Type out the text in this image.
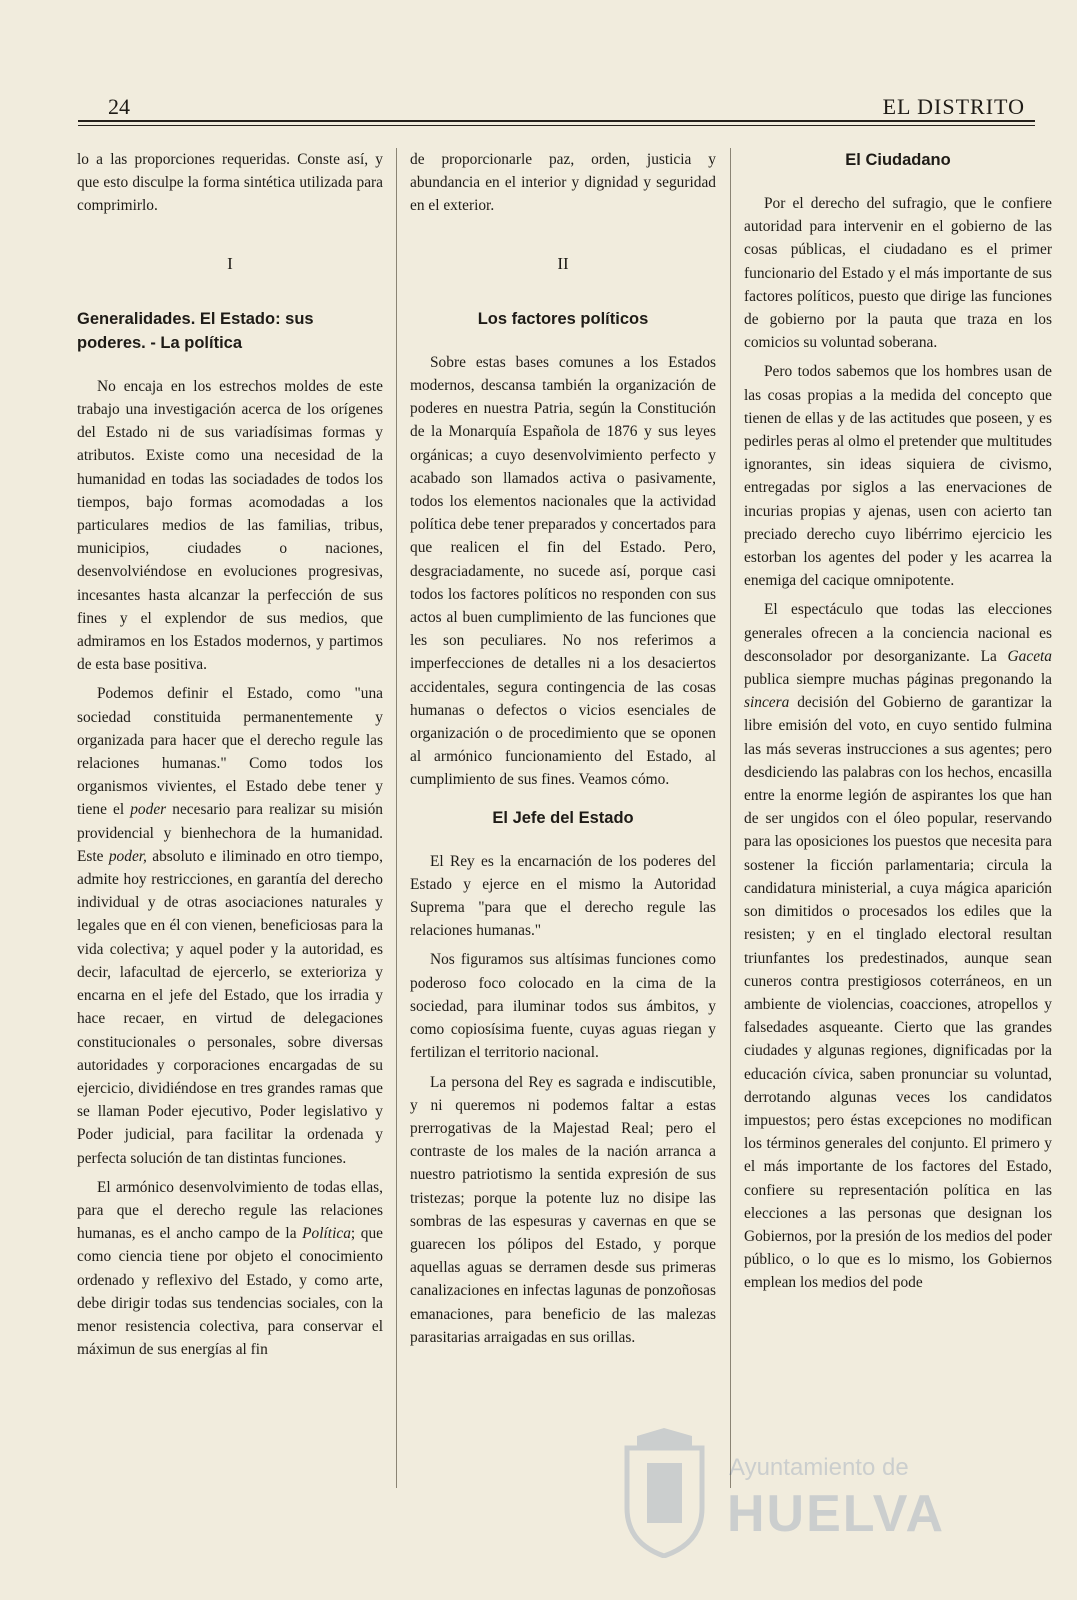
24	EL DISTRITO

lo a las proporciones requeridas. Conste así, y que esto disculpe la forma sintética utilizada para comprimirlo.

I
Generalidades. El Estado: sus poderes. - La política

No encaja en los estrechos moldes de este trabajo una investigación acerca de los orígenes del Estado ni de sus variadísimas formas y atributos. Existe como una necesidad de la humanidad en todas las sociadades de todos los tiempos, bajo formas acomodadas a los particulares medios de las familias, tribus, municipios, ciudades o naciones, desenvolviéndose en evoluciones progresivas, incesantes hasta alcanzar la perfección de sus fines y el explendor de sus medios, que admiramos en los Estados modernos, y partimos de esta base positiva.

Podemos definir el Estado, como "una sociedad constituida permanentemente y organizada para hacer que el derecho regule las relaciones humanas." Como todos los organismos vivientes, el Estado debe tener y tiene el poder necesario para realizar su misión providencial y bienhechora de la humanidad. Este poder, absoluto e iliminado en otro tiempo, admite hoy restricciones, en garantía del derecho individual y de otras asociaciones naturales y legales que en él con vienen, beneficiosas para la vida colectiva; y aquel poder y la autoridad, es decir, lafacultad de ejercerlo, se exterioriza y encarna en el jefe del Estado, que los irradia y hace recaer, en virtud de delegaciones constitucionales o personales, sobre diversas autoridades y corporaciones encargadas de su ejercicio, dividiéndose en tres grandes ramas que se llaman Poder ejecutivo, Poder legislativo y Poder judicial, para facilitar la ordenada y perfecta solución de tan distintas funciones.

El armónico desenvolvimiento de todas ellas, para que el derecho regule las relaciones humanas, es el ancho campo de la Política; que como ciencia tiene por objeto el conocimiento ordenado y reflexivo del Estado, y como arte, debe dirigir todas sus tendencias sociales, con la menor resistencia colectiva, para conservar el máximun de sus energías al fin

de proporcionarle paz, orden, justicia y abundancia en el interior y dignidad y seguridad en el exterior.

II
Los factores políticos

Sobre estas bases comunes a los Estados modernos, descansa también la organización de poderes en nuestra Patria, según la Constitución de la Monarquía Española de 1876 y sus leyes orgánicas; a cuyo desenvolvimiento perfecto y acabado son llamados activa o pasivamente, todos los elementos nacionales que la actividad política debe tener preparados y concertados para que realicen el fin del Estado. Pero, desgraciadamente, no sucede así, porque casi todos los factores políticos no responden con sus actos al buen cumplimiento de las funciones que les son peculiares. No nos referimos a imperfecciones de detalles ni a los desaciertos accidentales, segura contingencia de las cosas humanas o defectos o vicios esenciales de organización o de procedimiento que se oponen al armónico funcionamiento del Estado, al cumplimiento de sus fines. Veamos cómo.

El Jefe del Estado

El Rey es la encarnación de los poderes del Estado y ejerce en el mismo la Autoridad Suprema "para que el derecho regule las relaciones humanas."

Nos figuramos sus altísimas funciones como poderoso foco colocado en la cima de la sociedad, para iluminar todos sus ámbitos, y como copiosísima fuente, cuyas aguas riegan y fertilizan el territorio nacional.

La persona del Rey es sagrada e indiscutible, y ni queremos ni podemos faltar a estas prerrogativas de la Majestad Real; pero el contraste de los males de la nación arranca a nuestro patriotismo la sentida expresión de sus tristezas; porque la potente luz no disipe las sombras de las espesuras y cavernas en que se guarecen los pólipos del Estado, y porque aquellas aguas se derramen desde sus primeras canalizaciones en infectas lagunas de ponzoñosas emanaciones, para beneficio de las malezas parasitarias arraigadas en sus orillas.

El Ciudadano

Por el derecho del sufragio, que le confiere autoridad para intervenir en el gobierno de las cosas públicas, el ciudadano es el primer funcionario del Estado y el más importante de sus factores políticos, puesto que dirige las funciones de gobierno por la pauta que traza en los comicios su voluntad soberana.

Pero todos sabemos que los hombres usan de las cosas propias a la medida del concepto que tienen de ellas y de las actitudes que poseen, y es pedirles peras al olmo el pretender que multitudes ignorantes, sin ideas siquiera de civismo, entregadas por siglos a las enervaciones de incurias propias y ajenas, usen con acierto tan preciado derecho cuyo libérrimo ejercicio les estorban los agentes del poder y les acarrea la enemiga del cacique omnipotente.

El espectáculo que todas las elecciones generales ofrecen a la conciencia nacional es desconsolador por desorganizante. La Gaceta publica siempre muchas páginas pregonando la sincera decisión del Gobierno de garantizar la libre emisión del voto, en cuyo sentido fulmina las más severas instrucciones a sus agentes; pero desdiciendo las palabras con los hechos, encasilla entre la enorme legión de aspirantes los que han de ser ungidos con el óleo popular, reservando para las oposiciones los puestos que necesita para sostener la ficción parlamentaria; circula la candidatura ministerial, a cuya mágica aparición son dimitidos o procesados los ediles que la resisten; y en el tinglado electoral resultan triunfantes los predestinados, aunque sean cuneros contra prestigiosos coterráneos, en un ambiente de violencias, coacciones, atropellos y falsedades asqueante. Cierto que las grandes ciudades y algunas regiones, dignificadas por la educación cívica, saben pronunciar su voluntad, derrotando algunas veces los candidatos impuestos; pero éstas excepciones no modifican los términos generales del conjunto. El primero y el más importante de los factores del Estado, confiere su representación política en las elecciones a las personas que designan los Gobiernos, por la presión de los medios del poder público, o lo que es lo mismo, los Gobiernos emplean los medios del pode

Ayuntamiento de
HUELVA
